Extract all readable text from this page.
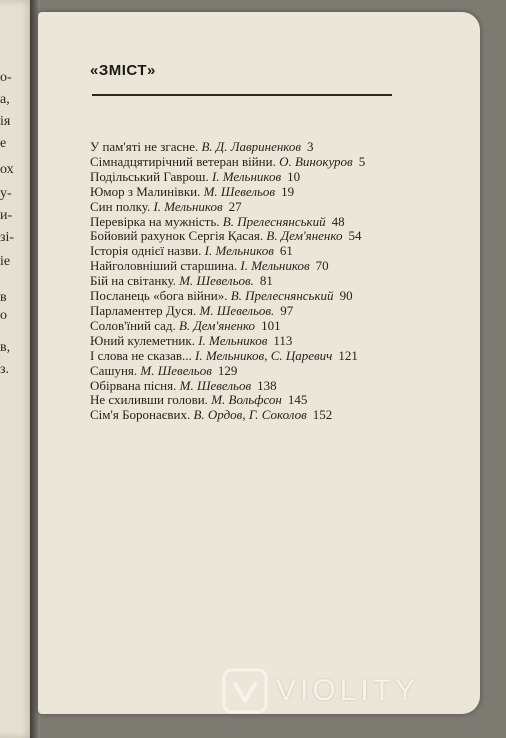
о-
а,
ія
е
ох
у-
и-
зі-
ie
в
о
в,
з.
«ЗМІСТ»
У пам'яті не згасне. В. Д. Лавриненков 3
Сімнадцятирічний ветеран війни. О. Винокуров 5
Подільський Гаврош. І. Мельников 10
Юмор з Малинівки. М. Шевельов 19
Син полку. І. Мельников 27
Перевірка на мужність. В. Прелеснянський 48
Бойовий рахунок Сергія Қасая. В. Дем'яненко 54
Історія однієї назви. І. Мельников 61
Найголовніший старшина. І. Мельников 70
Бій на світанку. М. Шевельов. 81
Посланець «бога війни». В. Прелеснянський 90
Парламентер Дуся. М. Шевельов. 97
Солов'їний сад. В. Дем'яненко 101
Юний кулеметник. І. Мельников 113
І слова не сказав... І. Мельников, С. Царевич 121
Сашуня. М. Шевельов 129
Обірвана пісня. М. Шевельов 138
Не схиливши голови. М. Вольфсон 145
Сім'я Боронаєвих. В. Ордов, Г. Соколов 152
VIOLITY
